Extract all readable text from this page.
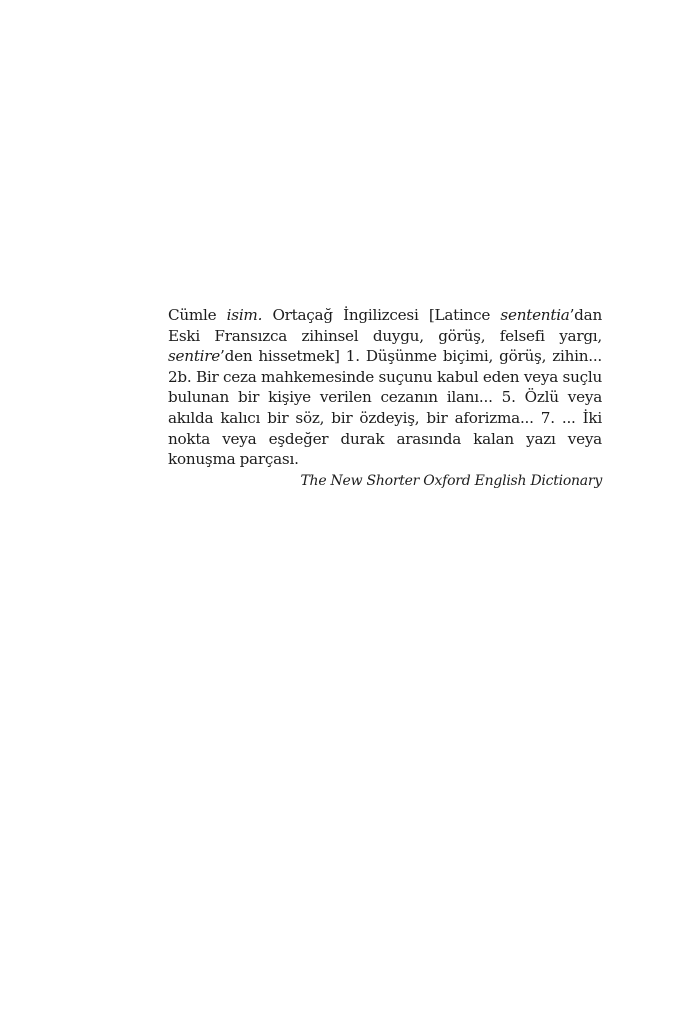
Cümle isim. Ortaçağ İngilizcesi [Latince sententia’dan Eski Fransızca zihinsel duygu, görüş, felsefi yargı, sentire’den hissetmek] 1. Düşünme biçimi, görüş, zihin... 2b. Bir ceza mahkemesinde suçunu kabul eden veya suçlu bulunan bir kişiye verilen cezanın ilanı... 5. Özlü veya akılda kalıcı bir söz, bir özdeyiş, bir aforizma... 7. ... İki nokta veya eşdeğer durak arasında kalan yazı veya konuşma parçası.

The New Shorter Oxford English Dictionary
